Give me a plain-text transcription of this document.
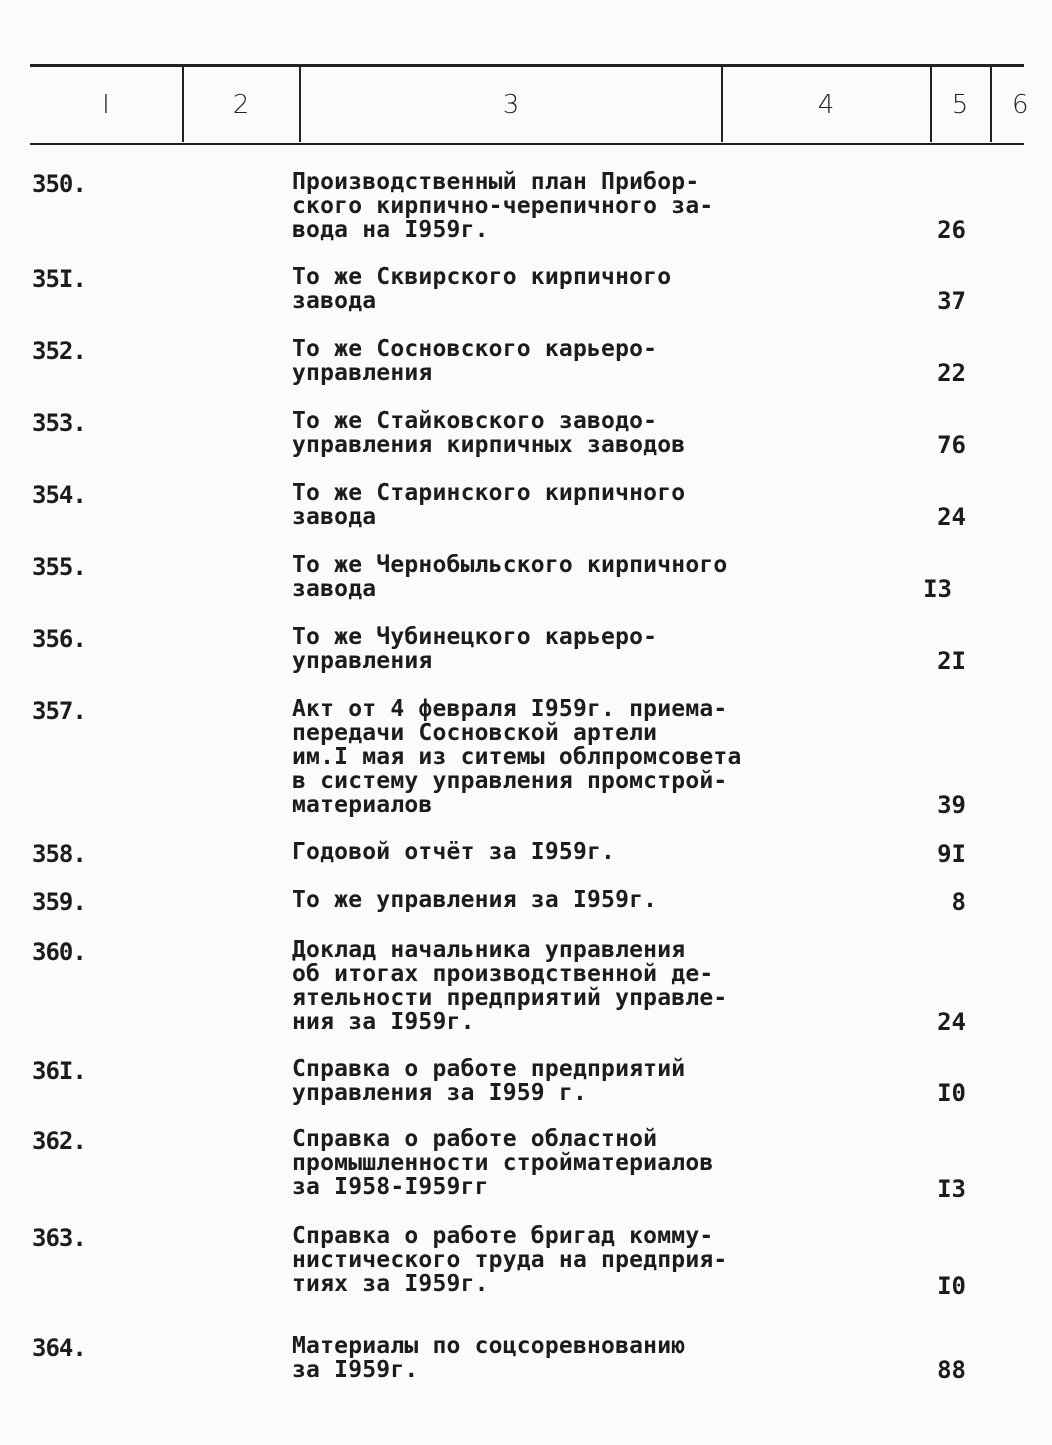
I	2	3	4	5	6
350.	Производственный план Прибор-
ского кирпично-черепичного за-
вода на I959г.	26
35I.	То же Сквирского кирпичного
завода	37
352.	То же Сосновского карьеро-
управления	22
353.	То же Стайковского заводо-
управления кирпичных заводов	76
354.	То же Старинского кирпичного
завода	24
355.	То же Чернобыльского кирпичного
завода	I3
356.	То же Чубинецкого карьеро-
управления	2I
357.	Акт от 4 февраля I959г. приема-
передачи Сосновской артели
им.I мая из ситемы облпромсовета
в систему управления промстрой-
материалов	39
358.	Годовой отчёт за I959г.	9I
359.	То же управления за I959г.	8
360.	Доклад начальника управления
об итогах производственной де-
ятельности предприятий управле-
ния за I959г.	24
36I.	Справка о работе предприятий
управления за I959 г.	I0
362.	Справка о работе областной
промышленности стройматериалов
за I958-I959гг	I3
363.	Справка о работе бригад комму-
нистического труда на предприя-
тиях за I959г.	I0
364.	Материалы по соцсоревнованию
за I959г.	88
